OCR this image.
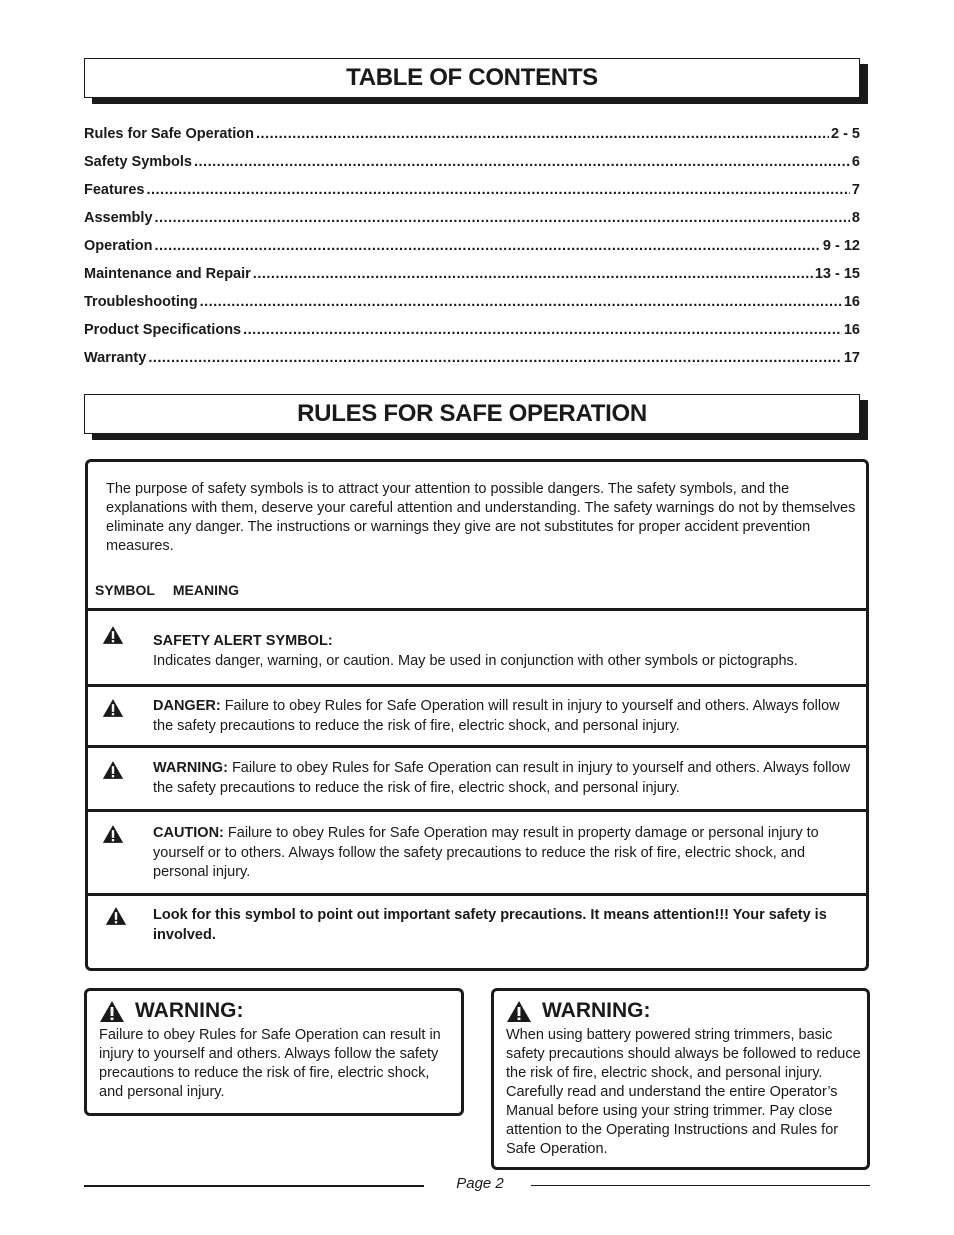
TABLE OF CONTENTS
Rules for Safe Operation .....	2 - 5
Safety Symbols .....	6
Features .....	7
Assembly .....	8
Operation .....	9 - 12
Maintenance and Repair .....	13 - 15
Troubleshooting .....	16
Product Specifications .....	16
Warranty .....	17
RULES FOR SAFE OPERATION

The purpose of safety symbols is to attract your attention to possible dangers. The safety symbols, and the explanations with them, deserve your careful attention and understanding. The safety warnings do not by themselves eliminate any danger. The instructions or warnings they give are not substitutes for proper accident prevention measures.

SYMBOL MEANING

SAFETY ALERT SYMBOL:
Indicates danger, warning, or caution. May be used in conjunction with other symbols or pictographs.

DANGER: Failure to obey Rules for Safe Operation will result in injury to yourself and others. Always follow the safety precautions to reduce the risk of fire, electric shock, and personal injury.

WARNING: Failure to obey Rules for Safe Operation can result in injury to yourself and others. Always follow the safety precautions to reduce the risk of fire, electric shock, and personal injury.

CAUTION: Failure to obey Rules for Safe Operation may result in property damage or personal injury to yourself or to others. Always follow the safety precautions to reduce the risk of fire, electric shock, and personal injury.

Look for this symbol to point out important safety precautions. It means attention!!! Your safety is involved.

WARNING:

Failure to obey Rules for Safe Operation can result in injury to yourself and others. Always follow the safety precautions to reduce the risk of fire, electric shock, and personal injury.

WARNING:

When using battery powered string trimmers, basic safety precautions should always be followed to reduce the risk of fire, electric shock, and personal injury. Carefully read and understand the entire Operator’s Manual before using your string trimmer. Pay close attention to the Operating Instructions and Rules for Safe Operation.

Page 2
